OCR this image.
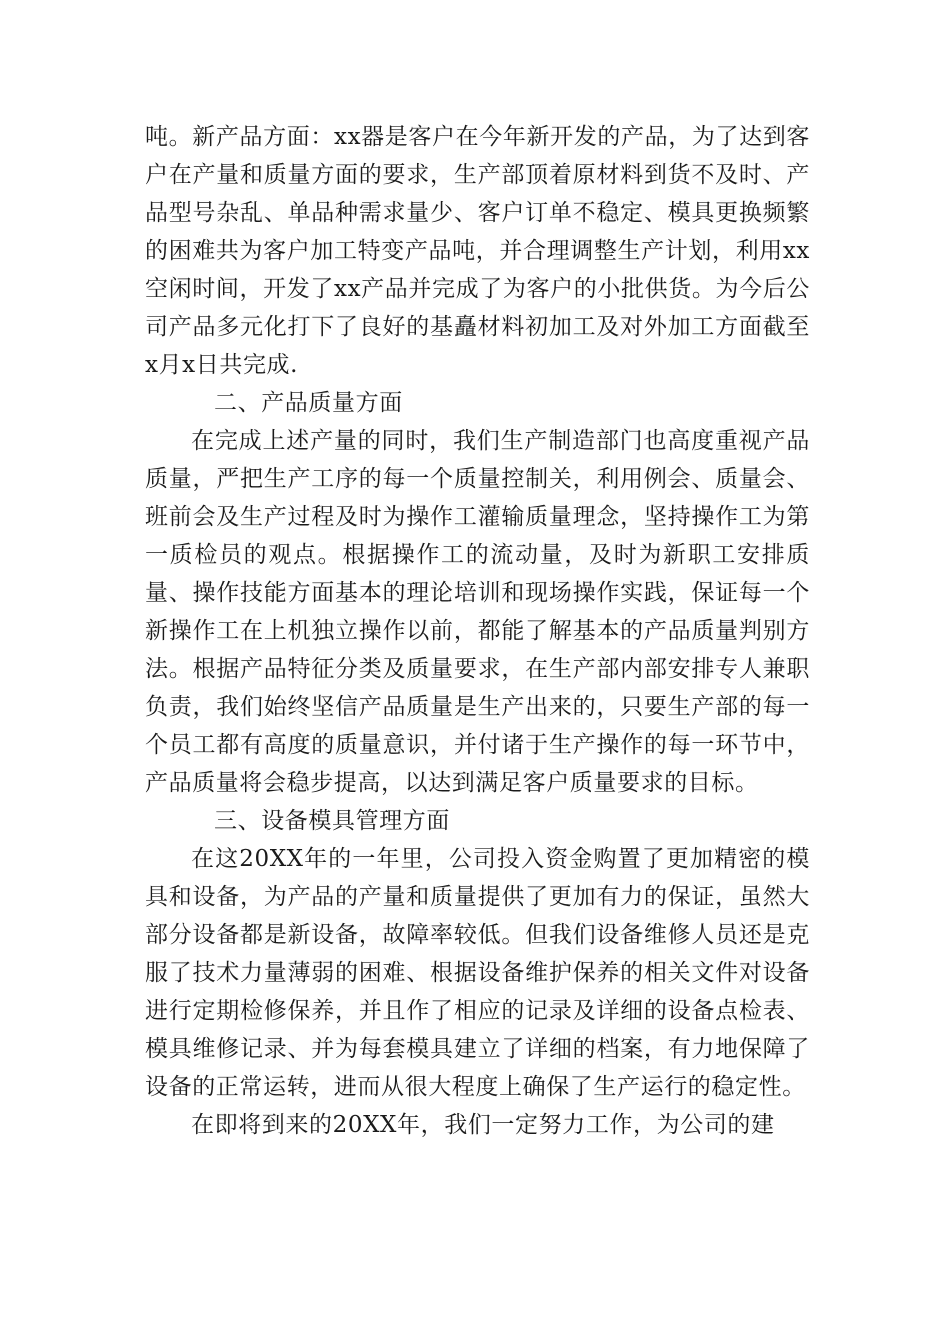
吨。新产品方面：xx器是客户在今年新开发的产品，为了达到客户在产量和质量方面的要求，生产部顶着原材料到货不及时、产品型号杂乱、单品种需求量少、客户订单不稳定、模具更换频繁的困难共为客户加工特变产品吨，并合理调整生产计划，利用xx空闲时间，开发了xx产品并完成了为客户的小批供货。为今后公司产品多元化打下了良好的基矗材料初加工及对外加工方面截至x月x日共完成.

二、产品质量方面

在完成上述产量的同时，我们生产制造部门也高度重视产品质量，严把生产工序的每一个质量控制关，利用例会、质量会、班前会及生产过程及时为操作工灌输质量理念，坚持操作工为第一质检员的观点。根据操作工的流动量，及时为新职工安排质量、操作技能方面基本的理论培训和现场操作实践，保证每一个新操作工在上机独立操作以前，都能了解基本的产品质量判别方法。根据产品特征分类及质量要求，在生产部内部安排专人兼职负责，我们始终坚信产品质量是生产出来的，只要生产部的每一个员工都有高度的质量意识，并付诸于生产操作的每一环节中，产品质量将会稳步提高，以达到满足客户质量要求的目标。

三、设备模具管理方面

在这20XX年的一年里，公司投入资金购置了更加精密的模具和设备，为产品的产量和质量提供了更加有力的保证，虽然大部分设备都是新设备，故障率较低。但我们设备维修人员还是克服了技术力量薄弱的困难、根据设备维护保养的相关文件对设备进行定期检修保养，并且作了相应的记录及详细的设备点检表、模具维修记录、并为每套模具建立了详细的档案，有力地保障了设备的正常运转，进而从很大程度上确保了生产运行的稳定性。

在即将到来的20XX年，我们一定努力工作，为公司的建
